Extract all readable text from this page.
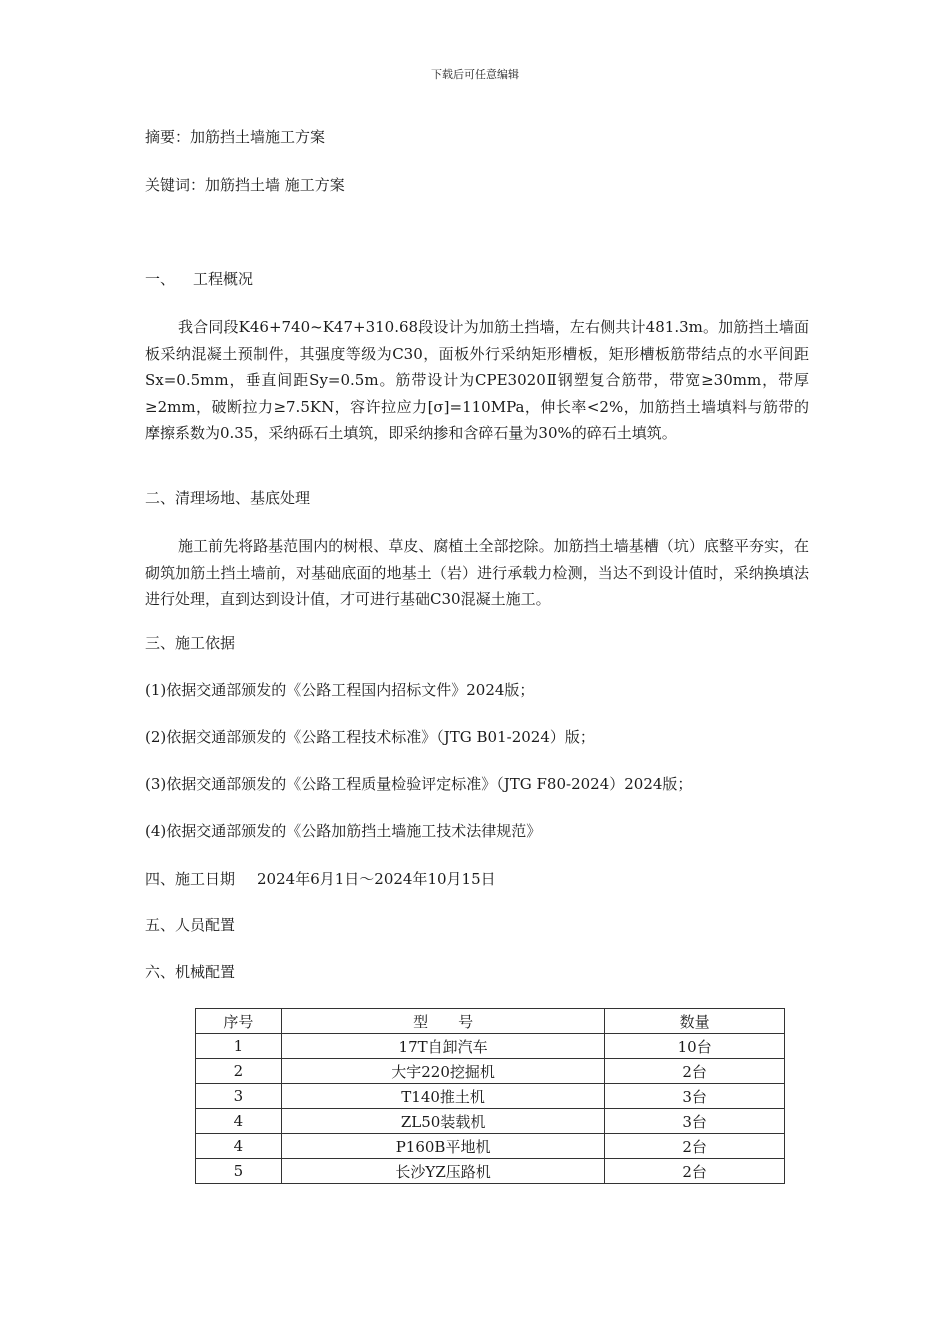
下载后可任意编辑
摘要：加筋挡土墙施工方案
关键词：加筋挡土墙 施工方案
一、 工程概况
我合同段K46+740~K47+310.68段设计为加筋土挡墙，左右侧共计481.3m。加筋挡土墙面板采纳混凝土预制件，其强度等级为C30，面板外行采纳矩形槽板，矩形槽板筋带结点的水平间距Sx=0.5mm，垂直间距Sy=0.5m。筋带设计为CPE3020Ⅱ钢塑复合筋带，带宽≥30mm，带厚≥2mm，破断拉力≥7.5KN，容许拉应力[σ]=110MPa，伸长率<2%，加筋挡土墙填料与筋带的摩擦系数为0.35，采纳砾石土填筑，即采纳掺和含碎石量为30%的碎石土填筑。
二、清理场地、基底处理
施工前先将路基范围内的树根、草皮、腐植土全部挖除。加筋挡土墙基槽（坑）底整平夯实，在砌筑加筋土挡土墙前，对基础底面的地基土（岩）进行承载力检测，当达不到设计值时，采纳换填法进行处理，直到达到设计值，才可进行基础C30混凝土施工。
三、施工依据
(1)依据交通部颁发的《公路工程国内招标文件》2024版；
(2)依据交通部颁发的《公路工程技术标准》（JTG B01-2024）版；
(3)依据交通部颁发的《公路工程质量检验评定标准》（JTG F80-2024）2024版；
(4)依据交通部颁发的《公路加筋挡土墙施工技术法律规范》
四、施工日期 2024年6月1日～2024年10月15日
五、人员配置
六、机械配置
序号	型　　号	数量
1	17T自卸汽车	10台
2	大宇220挖掘机	2台
3	T140推土机	3台
4	ZL50装载机	3台
4	P160B平地机	2台
5	长沙YZ压路机	2台
